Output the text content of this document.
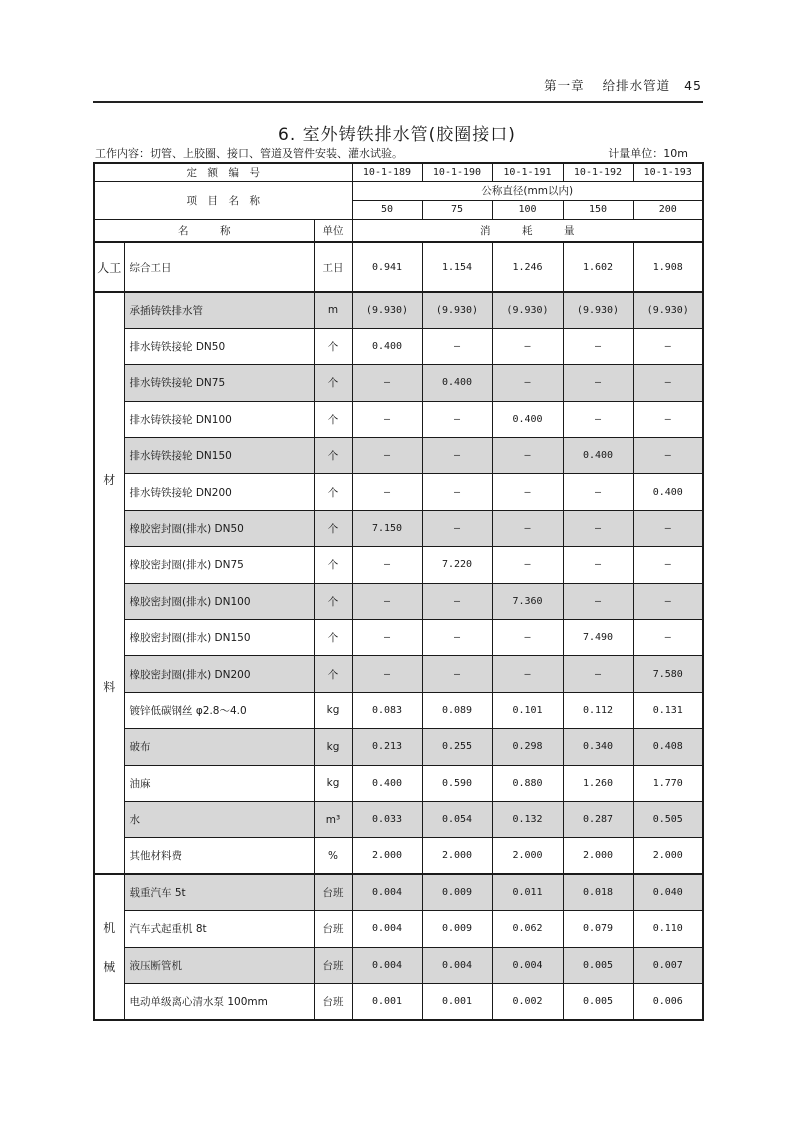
第一章 给排水管道 45
6. 室外铸铁排水管(胶圈接口)
工作内容：切管、上胶圈、接口、管道及管件安装、灌水试验。	计量单位：10m
定　额　编　号			10-1-189	10-1-190	10-1-191	10-1-192	10-1-193
项　目　名　称			公称直径(mm以内)				
			50	75	100	150	200
名　　　称		单位	消　　　耗　　　量				

人工	综合工日	工日	0.941	1.154	1.246	1.602	1.908

材
料	承插铸铁排水管	m	(9.930)	(9.930)	(9.930)	(9.930)	(9.930)
	排水铸铁接轮 DN50	个	0.400	—	—	—	—
	排水铸铁接轮 DN75	个	—	0.400	—	—	—
	排水铸铁接轮 DN100	个	—	—	0.400	—	—
	排水铸铁接轮 DN150	个	—	—	—	0.400	—
	排水铸铁接轮 DN200	个	—	—	—	—	0.400
	橡胶密封圈(排水) DN50	个	7.150	—	—	—	—
	橡胶密封圈(排水) DN75	个	—	7.220	—	—	—
	橡胶密封圈(排水) DN100	个	—	—	7.360	—	—
	橡胶密封圈(排水) DN150	个	—	—	—	7.490	—
	橡胶密封圈(排水) DN200	个	—	—	—	—	7.580
	镀锌低碳钢丝 φ2.8～4.0	kg	0.083	0.089	0.101	0.112	0.131
	破布	kg	0.213	0.255	0.298	0.340	0.408
	油麻	kg	0.400	0.590	0.880	1.260	1.770
	水	m³	0.033	0.054	0.132	0.287	0.505
	其他材料费	%	2.000	2.000	2.000	2.000	2.000

机
械	载重汽车 5t	台班	0.004	0.009	0.011	0.018	0.040
	汽车式起重机 8t	台班	0.004	0.009	0.062	0.079	0.110
	液压断管机	台班	0.004	0.004	0.004	0.005	0.007
	电动单级离心清水泵 100mm	台班	0.001	0.001	0.002	0.005	0.006
